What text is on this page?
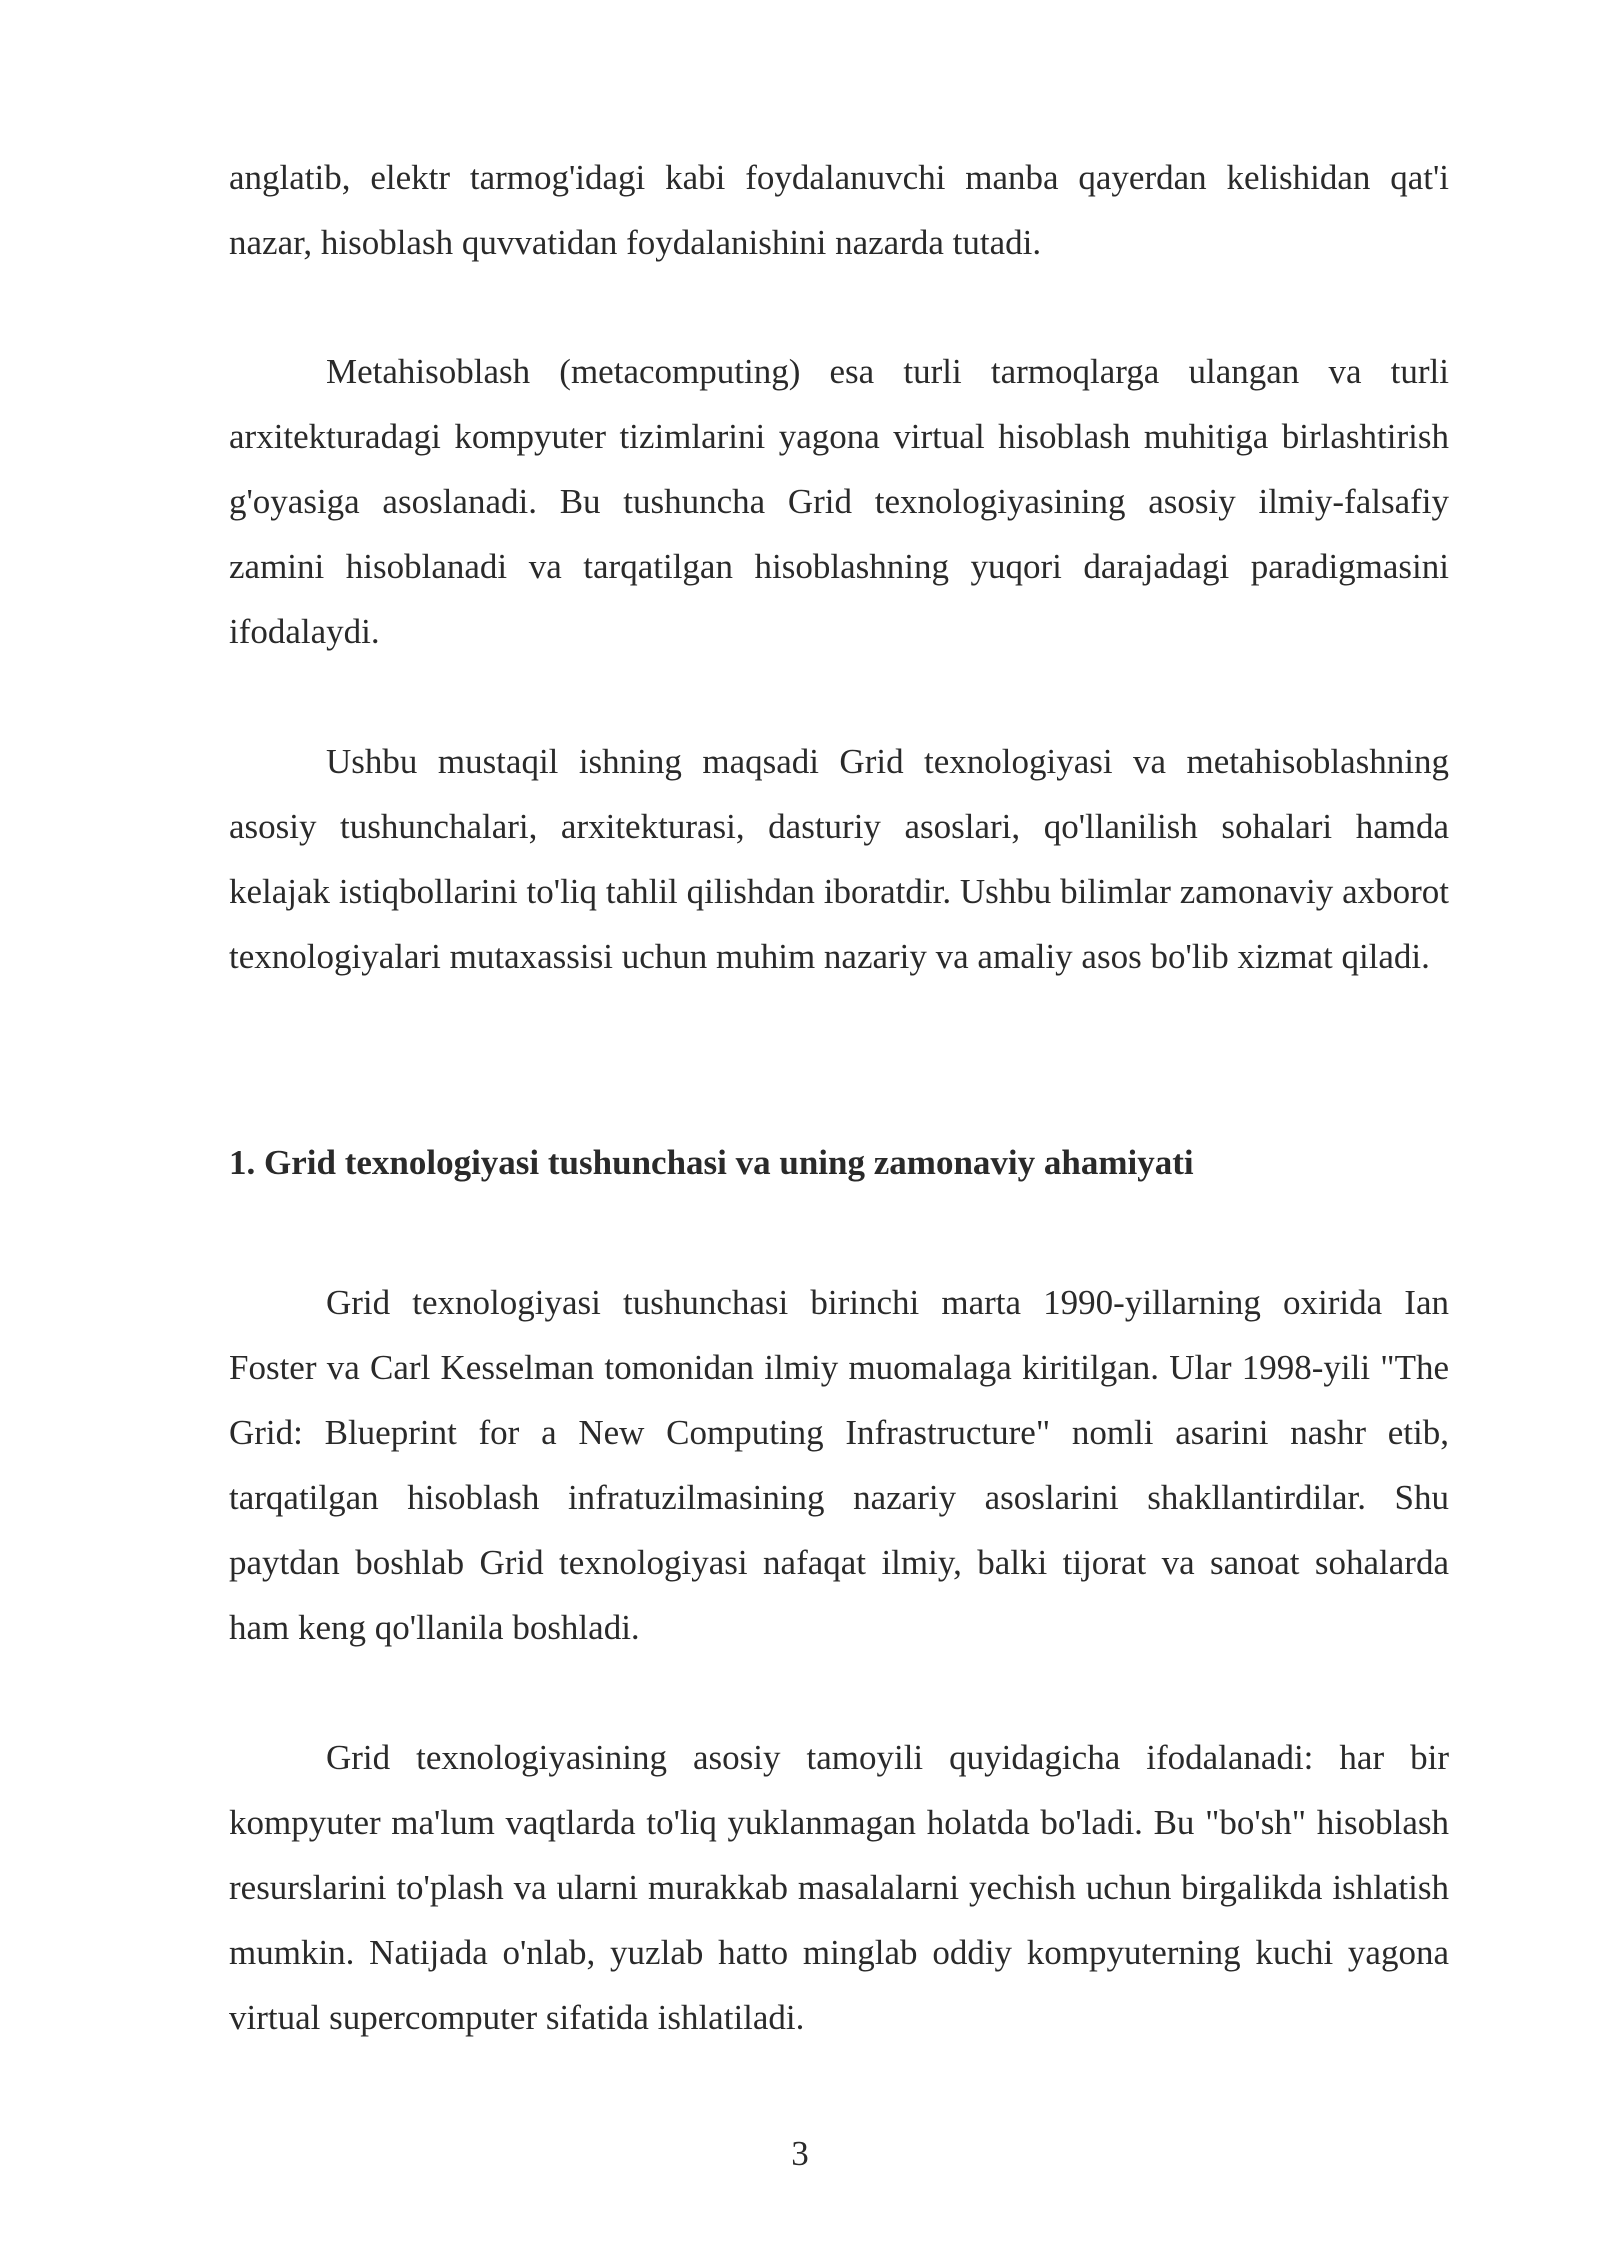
anglatib, elektr tarmog'idagi kabi foydalanuvchi manba qayerdan kelishidan qat'i nazar, hisoblash quvvatidan foydalanishini nazarda tutadi.

Metahisoblash (metacomputing) esa turli tarmoqlarga ulangan va turli arxitekturadagi kompyuter tizimlarini yagona virtual hisoblash muhitiga birlashtirish g'oyasiga asoslanadi. Bu tushuncha Grid texnologiyasining asosiy ilmiy-falsafiy zamini hisoblanadi va tarqatilgan hisoblashning yuqori darajadagi paradigmasini ifodalaydi.

Ushbu mustaqil ishning maqsadi Grid texnologiyasi va metahisoblashning asosiy tushunchalari, arxitekturasi, dasturiy asoslari, qo'llanilish sohalari hamda kelajak istiqbollarini to'liq tahlil qilishdan iboratdir. Ushbu bilimlar zamonaviy axborot texnologiyalari mutaxassisi uchun muhim nazariy va amaliy asos bo'lib xizmat qiladi.

1. Grid texnologiyasi tushunchasi va uning zamonaviy ahamiyati

Grid texnologiyasi tushunchasi birinchi marta 1990-yillarning oxirida Ian Foster va Carl Kesselman tomonidan ilmiy muomalaga kiritilgan. Ular 1998-yili "The Grid: Blueprint for a New Computing Infrastructure" nomli asarini nashr etib, tarqatilgan hisoblash infratuzilmasining nazariy asoslarini shakllantirdilar. Shu paytdan boshlab Grid texnologiyasi nafaqat ilmiy, balki tijorat va sanoat sohalarda ham keng qo'llanila boshladi.

Grid texnologiyasining asosiy tamoyili quyidagicha ifodalanadi: har bir kompyuter ma'lum vaqtlarda to'liq yuklanmagan holatda bo'ladi. Bu "bo'sh" hisoblash resurslarini to'plash va ularni murakkab masalalarni yechish uchun birgalikda ishlatish mumkin. Natijada o'nlab, yuzlab hatto minglab oddiy kompyuterning kuchi yagona virtual supercomputer sifatida ishlatiladi.

3
